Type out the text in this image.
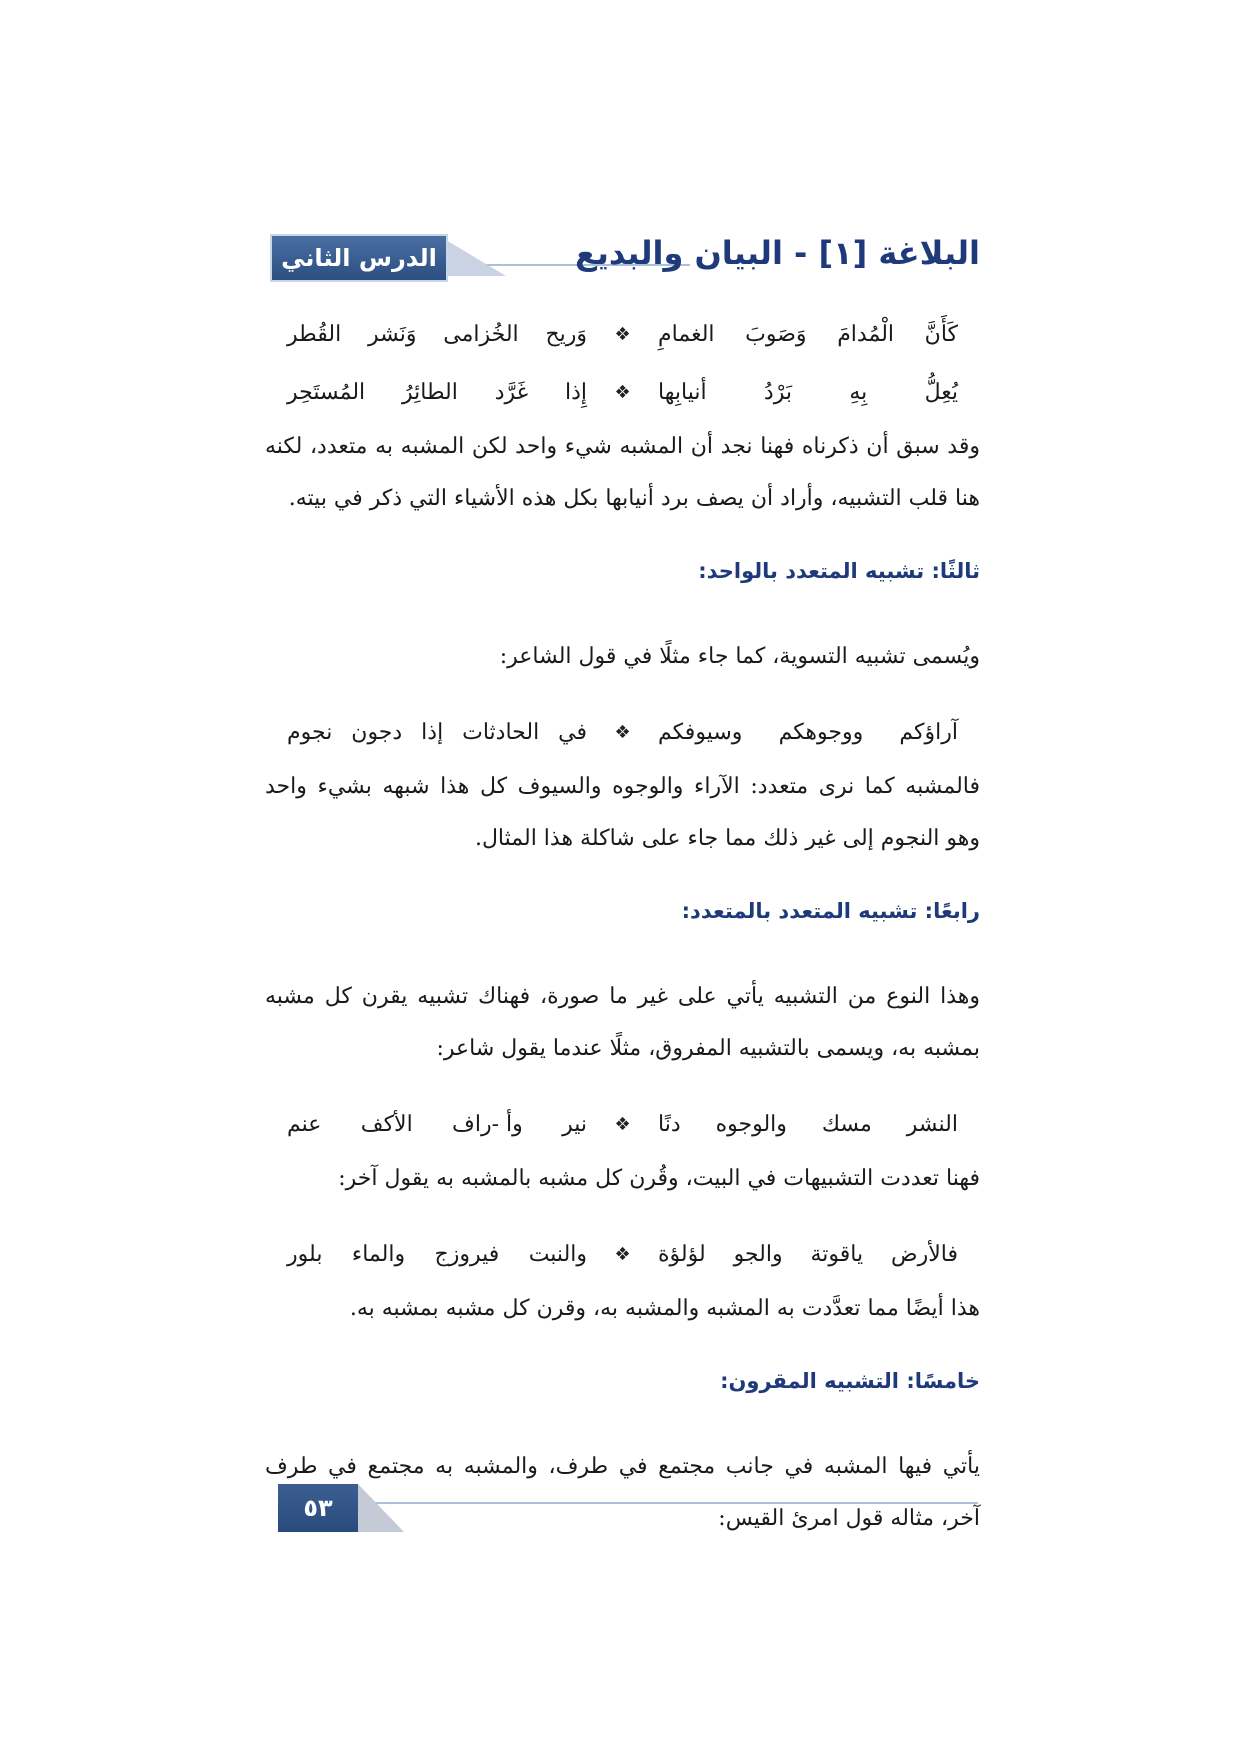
البلاغة [١] - البيان والبديع
الدرس الثاني
كَأَنَّ
الْمُدامَ
وَصَوبَ
الغمامِ
❖
وَريح
الخُزامى
وَنَشر
القُطر
يُعِلُّ
بِهِ
بَرْدُ
أنيابِها
❖
إِذا
غَرَّد
الطائِرُ
المُستَحِر

وقد سبق أن ذكرناه فهنا نجد أن المشبه شيء واحد لكن المشبه به متعدد، لكنه هنا قلب التشبيه، وأراد أن يصف برد أنيابها بكل هذه الأشياء التي ذكر في بيته.

ثالثًا: تشبيه المتعدد بالواحد:

ويُسمى تشبيه التسوية، كما جاء مثلًا في قول الشاعر:

آراؤكم
ووجوهكم
وسيوفكم
❖
في
الحادثات
إذا
دجون
نجوم

فالمشبه كما نرى متعدد: الآراء والوجوه والسيوف كل هذا شبهه بشيء واحد وهو النجوم إلى غير ذلك مما جاء على شاكلة هذا المثال.

رابعًا: تشبيه المتعدد بالمتعدد:

وهذا النوع من التشبيه يأتي على غير ما صورة، فهناك تشبيه يقرن كل مشبه بمشبه به، ويسمى بالتشبيه المفروق، مثلًا عندما يقول شاعر:

النشر
مسك
والوجوه
دنًا
❖
نير
وأ -راف
الأكف
عنم

فهنا تعددت التشبيهات في البيت، وقُرن كل مشبه بالمشبه به يقول آخر:

فالأرض
ياقوتة
والجو
لؤلؤة
❖
والنبت
فيروزج
والماء
بلور

هذا أيضًا مما تعدَّدت به المشبه والمشبه به، وقرن كل مشبه بمشبه به.

خامسًا: التشبيه المقرون:

يأتي فيها المشبه في جانب مجتمع في طرف، والمشبه به مجتمع في طرف آخر، مثاله قول امرئ القيس:

٥٣
